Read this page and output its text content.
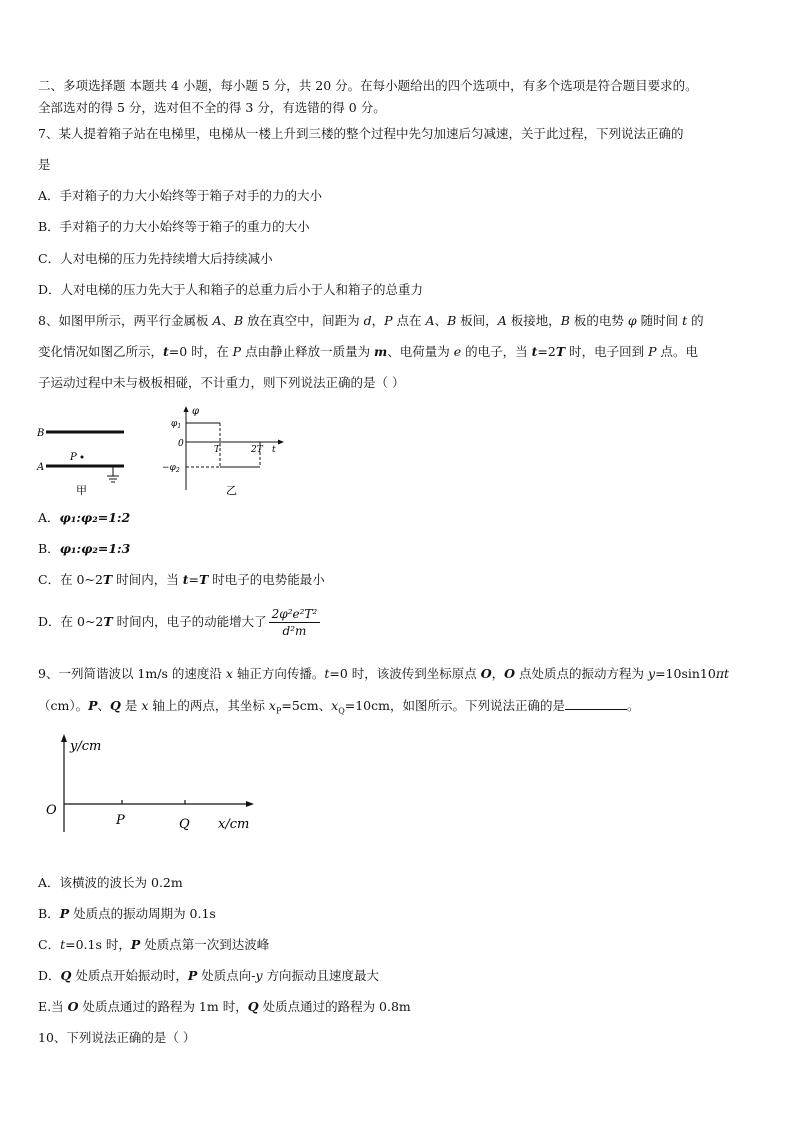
二、多项选择题 本题共 4 小题，每小题 5 分，共 20 分。在每小题给出的四个选项中，有多个选项是符合题目要求的。
全部选对的得 5 分，选对但不全的得 3 分，有选错的得 0 分。
7、某人提着箱子站在电梯里，电梯从一楼上升到三楼的整个过程中先匀加速后匀减速，关于此过程，下列说法正确的
是
A．手对箱子的力大小始终等于箱子对手的力的大小
B．手对箱子的力大小始终等于箱子的重力的大小
C．人对电梯的压力先持续增大后持续减小
D．人对电梯的压力先大于人和箱子的总重力后小于人和箱子的总重力
8、如图甲所示，两平行金属板 A、B 放在真空中，间距为 d，P 点在 A、B 板间，A 板接地，B 板的电势 φ 随时间 t 的
变化情况如图乙所示，t=0 时，在 P 点由静止释放一质量为 m、电荷量为 e 的电子，当 t=2T 时，电子回到 P 点。电
子运动过程中未与极板相碰，不计重力，则下列说法正确的是（ ）
B
A
P
甲
φ
$\varphi_1$
0
$-\varphi_2$
T	2T t
乙
A．φ₁:φ₂=1:2
B．φ₁:φ₂=1:3
C．在 0~2T 时间内，当 t=T 时电子的电势能最小
D．在 0~2T 时间内，电子的动能增大了 $\frac{\text{2φ²e²T²}}{\text{d²m}}$
9、一列简谐波以 1m/s 的速度沿 x 轴正方向传播。t=0 时，该波传到坐标原点 O，O 点处质点的振动方程为 y=10sin10πt
（cm）。P、Q 是 x 轴上的两点，其坐标 $x_P=5cm$、$x_Q=10cm$，如图所示。下列说法正确的是	。
y/cm
x/cm
O
P	Q
A．该横波的波长为 0.2m
B．P 处质点的振动周期为 0.1s
C．t=0.1s 时，P 处质点第一次到达波峰
D．Q 处质点开始振动时，P 处质点向-y 方向振动且速度最大
E.当 O 处质点通过的路程为 1m 时，Q 处质点通过的路程为 0.8m
10、下列说法正确的是（ ）
